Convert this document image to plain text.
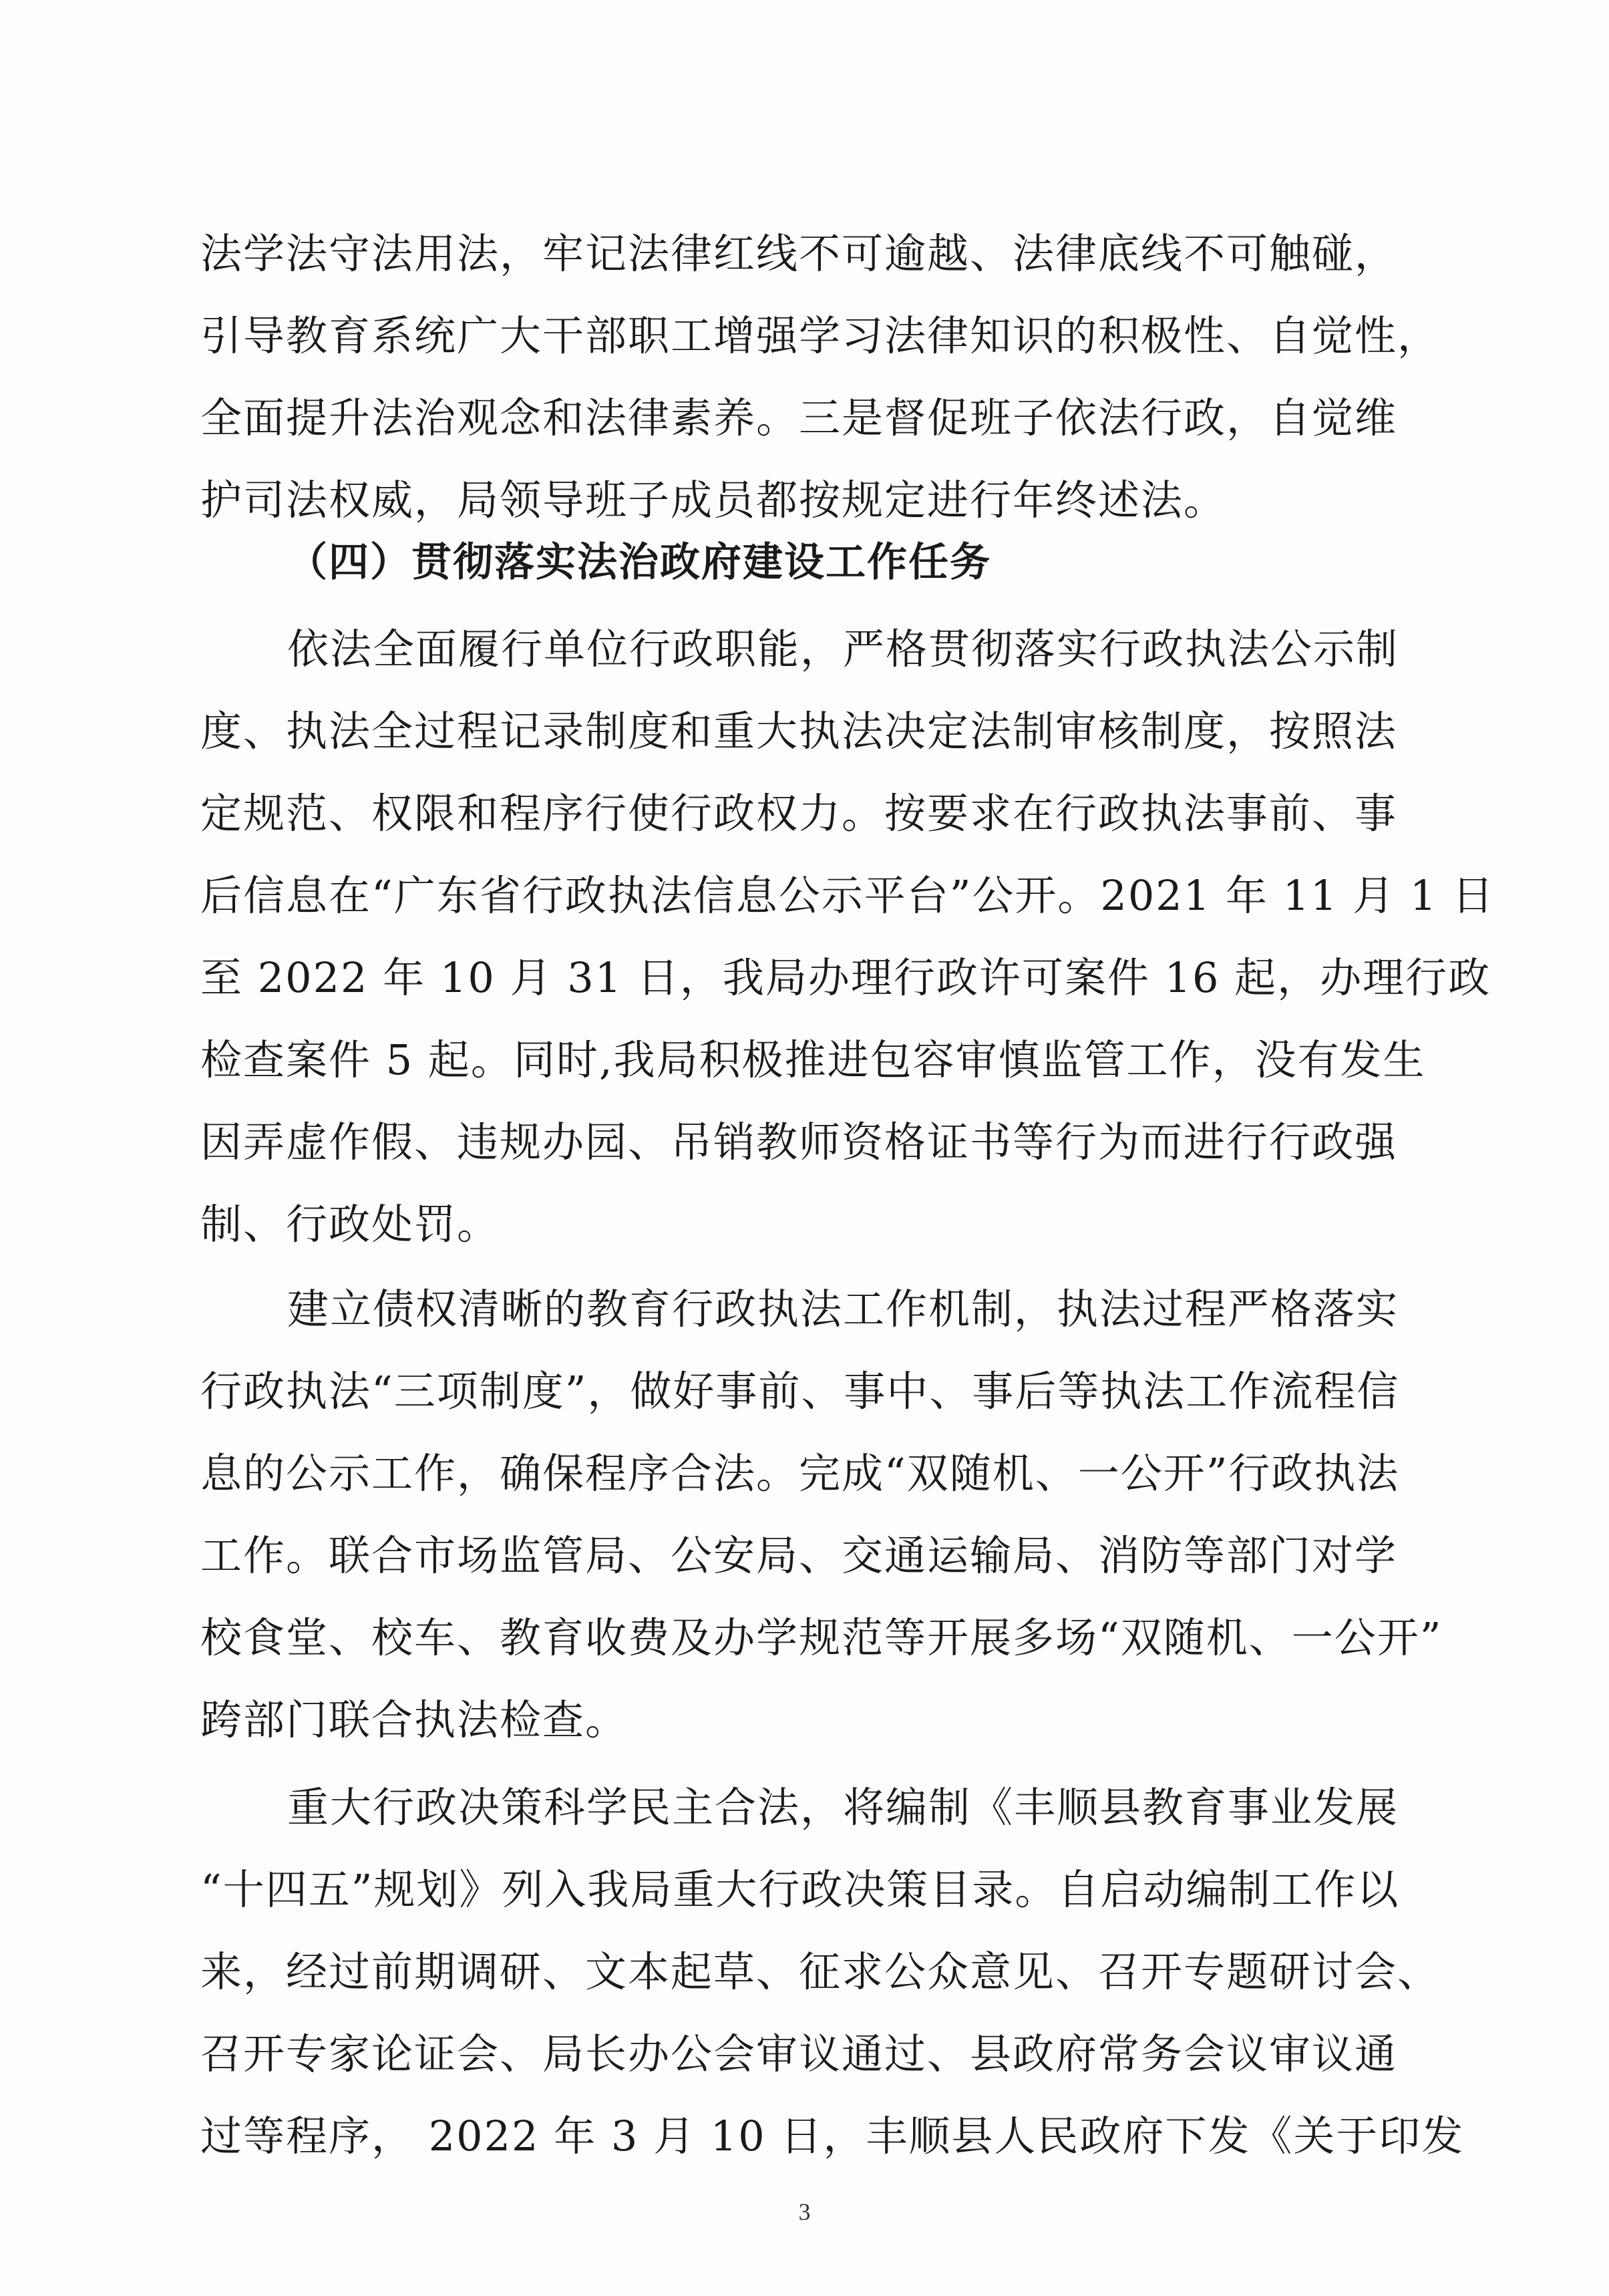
法学法守法用法，牢记法律红线不可逾越、法律底线不可触碰，
引导教育系统广大干部职工增强学习法律知识的积极性、自觉性，
全面提升法治观念和法律素养。三是督促班子依法行政，自觉维
护司法权威，局领导班子成员都按规定进行年终述法。
（四）贯彻落实法治政府建设工作任务
依法全面履行单位行政职能，严格贯彻落实行政执法公示制
度、执法全过程记录制度和重大执法决定法制审核制度，按照法
定规范、权限和程序行使行政权力。按要求在行政执法事前、事
后信息在“广东省行政执法信息公示平台”公开。2021 年 11 月 1 日
至 2022 年 10 月 31 日，我局办理行政许可案件 16 起，办理行政
检查案件 5 起。同时,我局积极推进包容审慎监管工作，没有发生
因弄虚作假、违规办园、吊销教师资格证书等行为而进行行政强
制、行政处罚。
建立债权清晰的教育行政执法工作机制，执法过程严格落实
行政执法“三项制度”，做好事前、事中、事后等执法工作流程信
息的公示工作，确保程序合法。完成“双随机、一公开”行政执法
工作。联合市场监管局、公安局、交通运输局、消防等部门对学
校食堂、校车、教育收费及办学规范等开展多场“双随机、一公开”
跨部门联合执法检查。
重大行政决策科学民主合法，将编制《丰顺县教育事业发展
“十四五”规划》列入我局重大行政决策目录。自启动编制工作以
来，经过前期调研、文本起草、征求公众意见、召开专题研讨会、
召开专家论证会、局长办公会审议通过、县政府常务会议审议通
过等程序， 2022 年 3 月 10 日，丰顺县人民政府下发《关于印发
3
